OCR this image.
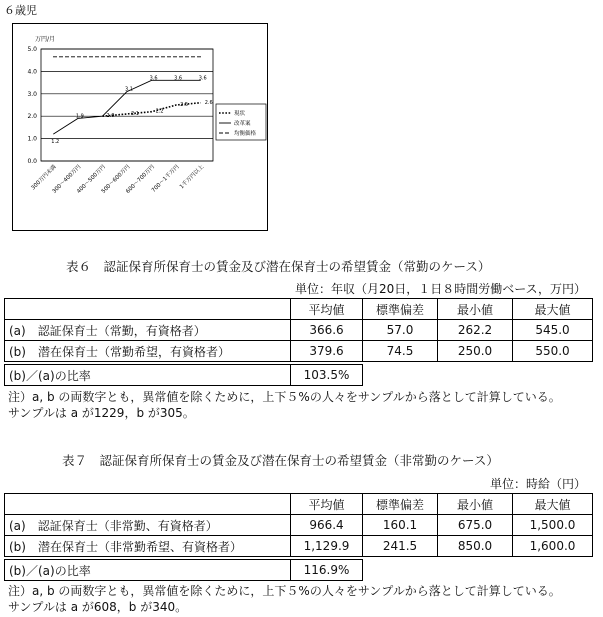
６歳児
0.0
1.0
2.0
3.0
4.0
5.0
万円/月
300万円未満
300〜400万円
400〜500万円
500〜600万円
600〜700万円
700〜1千万円
1千万円以上
2.0	2.1	2.2
2.5	2.6
1.2
1.9
3.1
3.6	3.6	3.6
現状
改革案
均衡価格
表６　認証保育所保育士の賃金及び潜在保育士の希望賃金（常勤のケース）
単位：年収（月20日，１日８時間労働ベース，万円）
	平均値	標準偏差	最小値	最大値
(a)　認証保育士（常勤，有資格者）	366.6	57.0	262.2	545.0
(b)　潜在保育士（常勤希望，有資格者）	379.6	74.5	250.0	550.0
(b)／(a)の比率	103.5%
注）a, b の両数字とも，異常値を除くために，上下５%の人々をサンプルから落として計算している。
サンプルは a が1229，b が305。
表７　認証保育所保育士の賃金及び潜在保育士の希望賃金（非常勤のケース）
単位：時給（円）
	平均値	標準偏差	最小値	最大値
(a)　認証保育士（非常勤、有資格者）	966.4	160.1	675.0	1,500.0
(b)　潜在保育士（非常勤希望、有資格者）	1,129.9	241.5	850.0	1,600.0
(b)／(a)の比率	116.9%
注）a, b の両数字とも，異常値を除くために，上下５%の人々をサンプルから落として計算している。
サンプルは a が608，b が340。
